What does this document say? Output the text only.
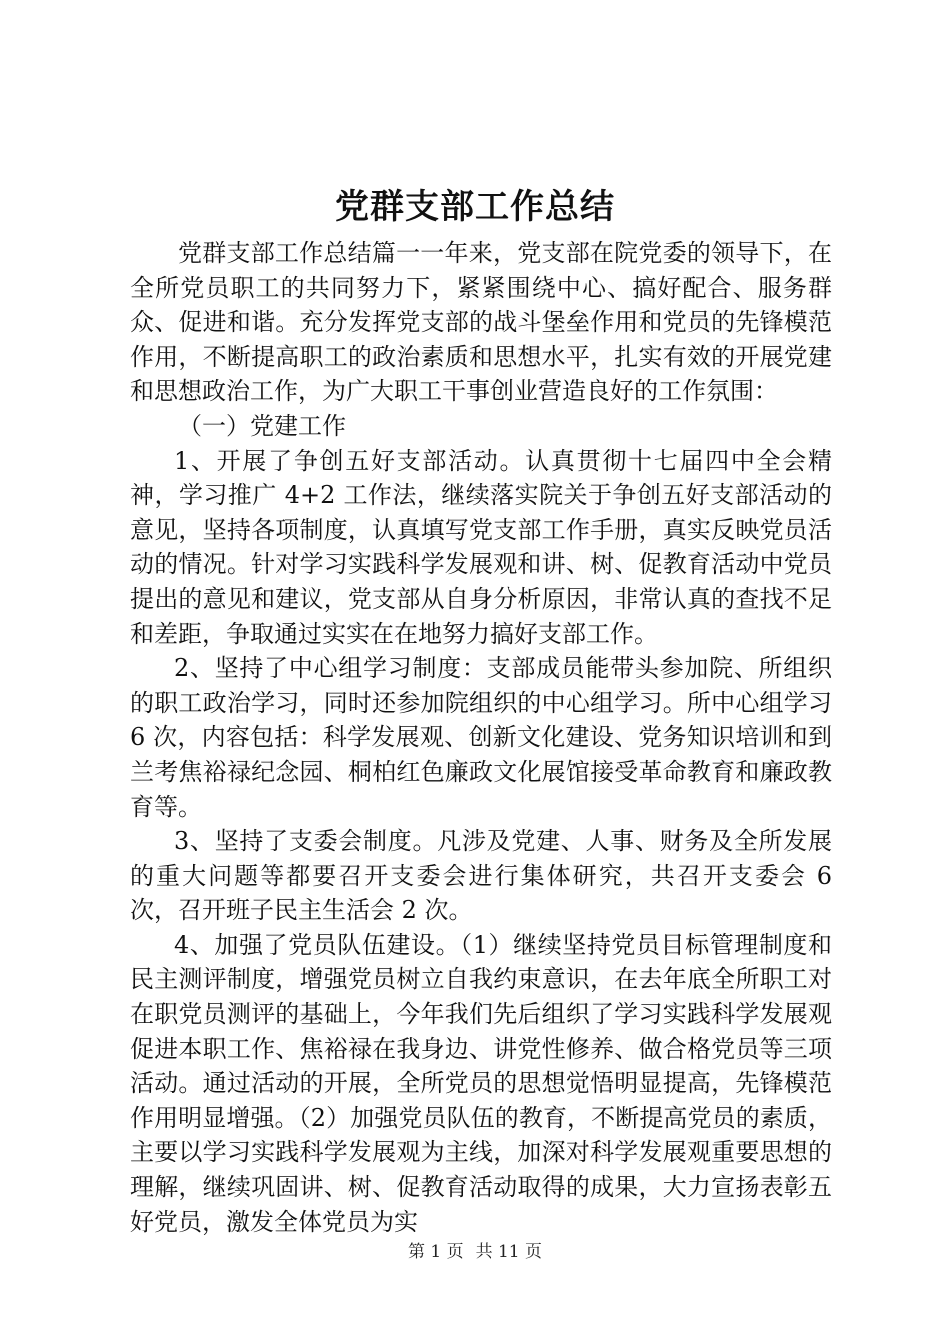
党群支部工作总结

党群支部工作总结篇一一年来，党支部在院党委的领导下，在全所党员职工的共同努力下，紧紧围绕中心、搞好配合、服务群众、促进和谐。充分发挥党支部的战斗堡垒作用和党员的先锋模范作用，不断提高职工的政治素质和思想水平，扎实有效的开展党建和思想政治工作，为广大职工干事创业营造良好的工作氛围：

（一）党建工作

1、开展了争创五好支部活动。认真贯彻十七届四中全会精神，学习推广 4+2 工作法，继续落实院关于争创五好支部活动的意见，坚持各项制度，认真填写党支部工作手册，真实反映党员活动的情况。针对学习实践科学发展观和讲、树、促教育活动中党员提出的意见和建议，党支部从自身分析原因，非常认真的查找不足和差距，争取通过实实在在地努力搞好支部工作。

2、坚持了中心组学习制度：支部成员能带头参加院、所组织的职工政治学习，同时还参加院组织的中心组学习。所中心组学习 6 次，内容包括：科学发展观、创新文化建设、党务知识培训和到兰考焦裕禄纪念园、桐柏红色廉政文化展馆接受革命教育和廉政教育等。

3、坚持了支委会制度。凡涉及党建、人事、财务及全所发展的重大问题等都要召开支委会进行集体研究，共召开支委会 6 次，召开班子民主生活会 2 次。

4、加强了党员队伍建设。（1）继续坚持党员目标管理制度和民主测评制度，增强党员树立自我约束意识，在去年底全所职工对在职党员测评的基础上，今年我们先后组织了学习实践科学发展观促进本职工作、焦裕禄在我身边、讲党性修养、做合格党员等三项活动。通过活动的开展，全所党员的思想觉悟明显提高，先锋模范作用明显增强。（2）加强党员队伍的教育，不断提高党员的素质，主要以学习实践科学发展观为主线，加深对科学发展观重要思想的理解，继续巩固讲、树、促教育活动取得的成果，大力宣扬表彰五好党员，激发全体党员为实

第 1 页 共 11 页
